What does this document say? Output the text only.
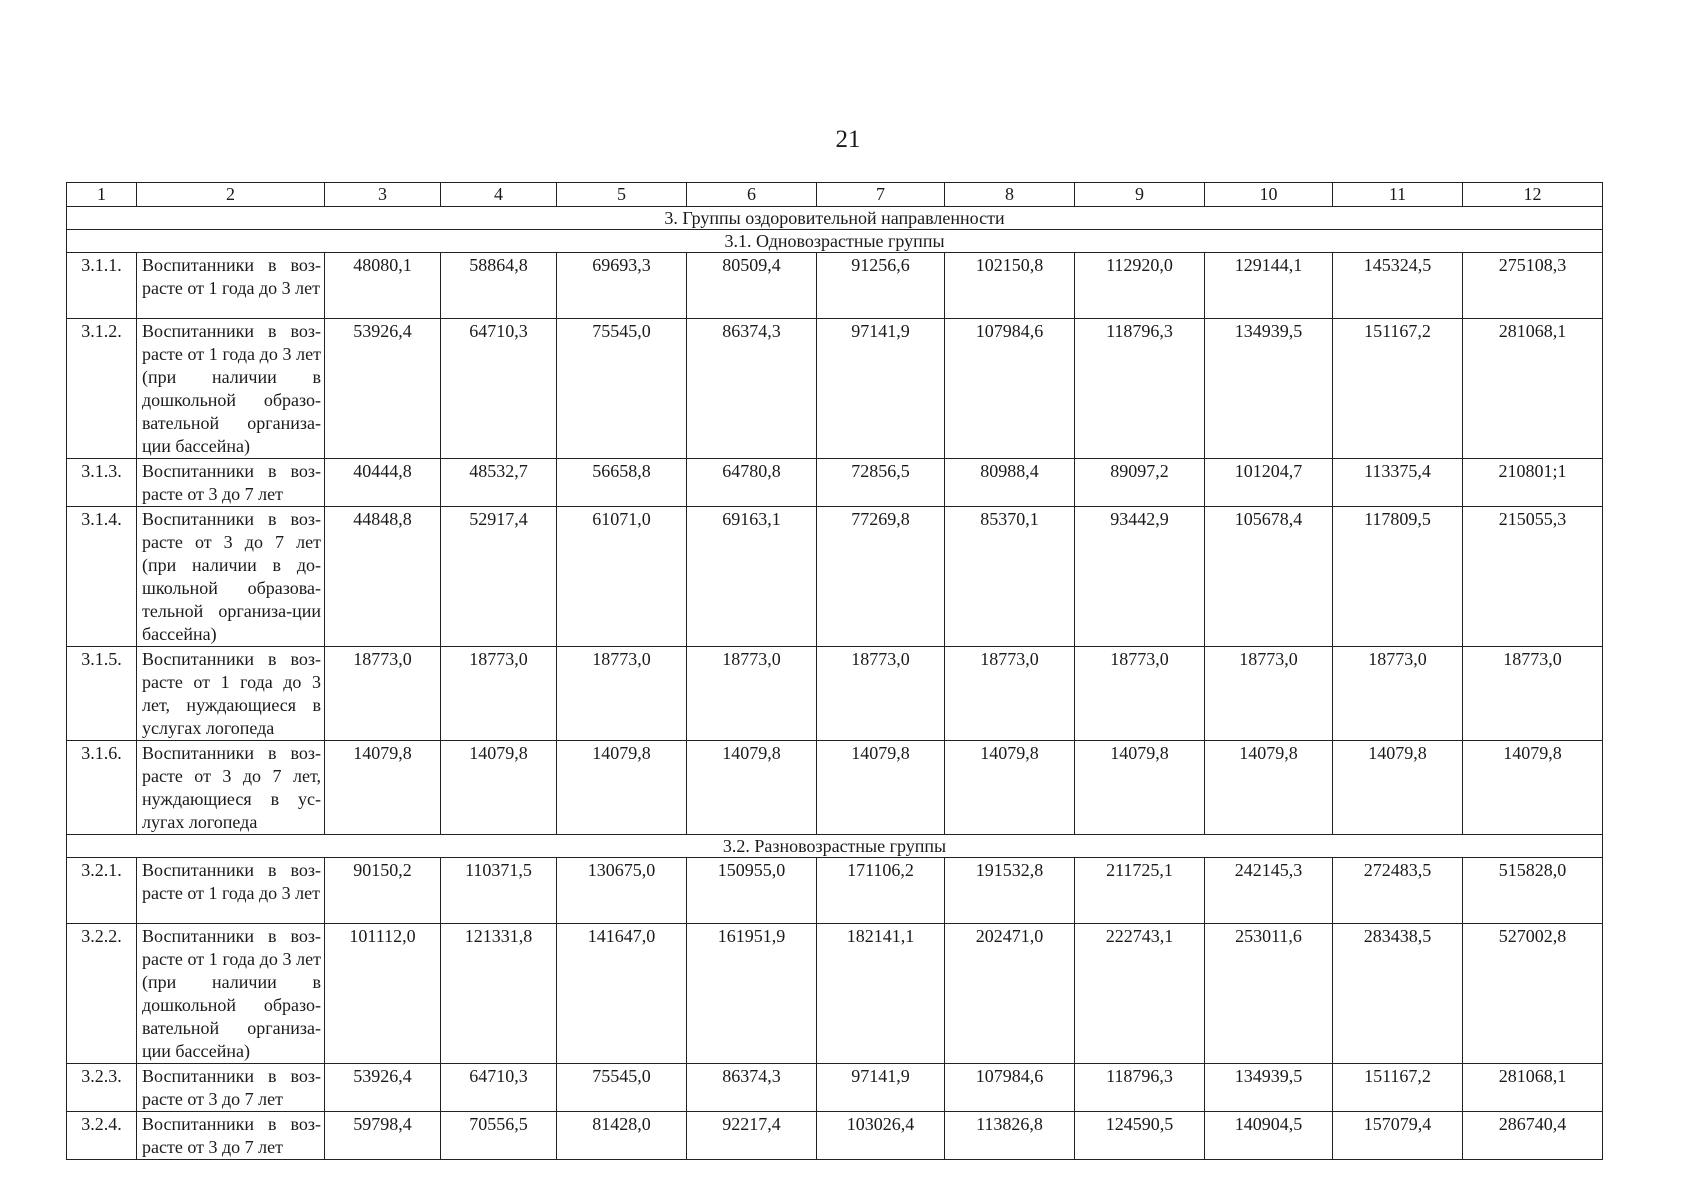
21
1	2	3	4	5	6	7	8	9	10	11	12
3. Группы оздоровительной направленности											
3.1. Одновозрастные группы											
3.1.1.	Воспитанники в воз-расте от 1 года до 3 лет	48080,1	58864,8	69693,3	80509,4	91256,6	102150,8	112920,0	129144,1	145324,5	275108,3
3.1.2.	Воспитанники в воз-расте от 1 года до 3 лет (при наличии в дошкольной образо-вательной организа-ции бассейна)	53926,4	64710,3	75545,0	86374,3	97141,9	107984,6	118796,3	134939,5	151167,2	281068,1
3.1.3.	Воспитанники в воз-расте от 3 до 7 лет	40444,8	48532,7	56658,8	64780,8	72856,5	80988,4	89097,2	101204,7	113375,4	210801;1
3.1.4.	Воспитанники в воз-расте от 3 до 7 лет (при наличии в до-школьной образова-тельной организа-ции бассейна)	44848,8	52917,4	61071,0	69163,1	77269,8	85370,1	93442,9	105678,4	117809,5	215055,3
3.1.5.	Воспитанники в воз-расте от 1 года до 3 лет, нуждающиеся в услугах логопеда	18773,0	18773,0	18773,0	18773,0	18773,0	18773,0	18773,0	18773,0	18773,0	18773,0
3.1.6.	Воспитанники в воз-расте от 3 до 7 лет, нуждающиеся в ус-лугах логопеда	14079,8	14079,8	14079,8	14079,8	14079,8	14079,8	14079,8	14079,8	14079,8	14079,8
3.2. Разновозрастные группы											
3.2.1.	Воспитанники в воз-расте от 1 года до 3 лет	90150,2	110371,5	130675,0	150955,0	171106,2	191532,8	211725,1	242145,3	272483,5	515828,0
3.2.2.	Воспитанники в воз-расте от 1 года до 3 лет (при наличии в дошкольной образо-вательной организа-ции бассейна)	101112,0	121331,8	141647,0	161951,9	182141,1	202471,0	222743,1	253011,6	283438,5	527002,8
3.2.3.	Воспитанники в воз-расте от 3 до 7 лет	53926,4	64710,3	75545,0	86374,3	97141,9	107984,6	118796,3	134939,5	151167,2	281068,1
3.2.4.	Воспитанники в воз-расте от 3 до 7 лет	59798,4	70556,5	81428,0	92217,4	103026,4	113826,8	124590,5	140904,5	157079,4	286740,4
